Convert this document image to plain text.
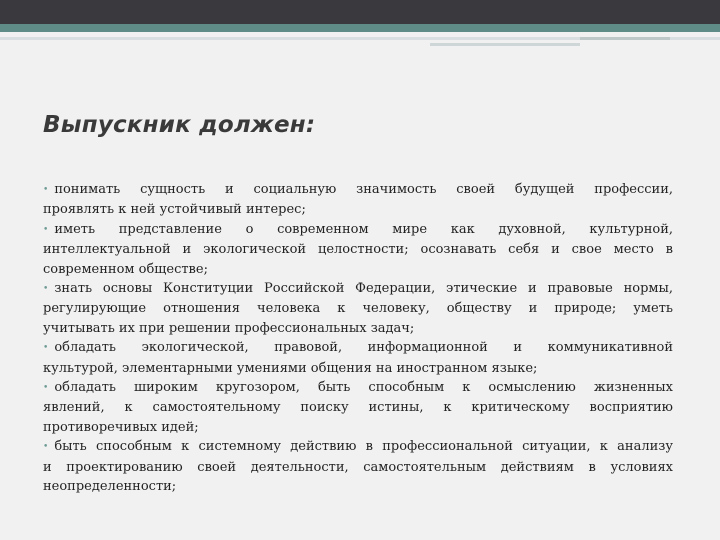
Выпускник должен:
• понимать сущность и социальную значимость своей будущей профессии,
проявлять к ней устойчивый интерес;
• иметь представление о современном мире как духовной, культурной,
интеллектуальной и экологической целостности; осознавать себя и свое место в
современном обществе;
• знать основы Конституции Российской Федерации, этические и правовые нормы,
регулирующие отношения человека к человеку, обществу и природе; уметь
учитывать их при решении профессиональных задач;
• обладать экологической, правовой, информационной и коммуникативной
культурой, элементарными умениями общения на иностранном языке;
• обладать широким кругозором, быть способным к осмыслению жизненных
явлений, к самостоятельному поиску истины, к критическому восприятию
противоречивых идей;
• быть способным к системному действию в профессиональной ситуации, к анализу
и проектированию своей деятельности, самостоятельным действиям в условиях
неопределенности;
